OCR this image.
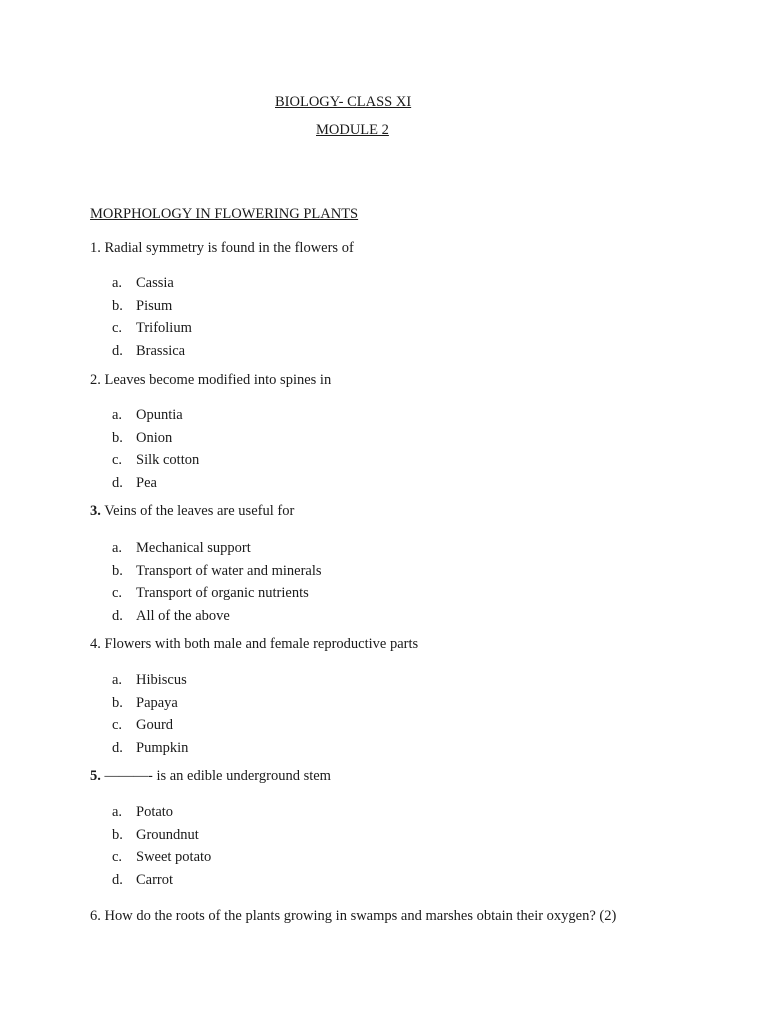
BIOLOGY- CLASS XI
MODULE 2
MORPHOLOGY IN FLOWERING PLANTS
1. Radial symmetry is found in the flowers of
a. Cassia
b. Pisum
c. Trifolium
d. Brassica
2. Leaves become modified into spines in
a. Opuntia
b. Onion
c. Silk cotton
d. Pea
3. Veins of the leaves are useful for
a. Mechanical support
b. Transport of water and minerals
c. Transport of organic nutrients
d. All of the above
4. Flowers with both male and female reproductive parts
a. Hibiscus
b. Papaya
c. Gourd
d. Pumpkin
5. ———- is an edible underground stem
a. Potato
b. Groundnut
c. Sweet potato
d. Carrot
6. How do the roots of the plants growing in swamps and marshes obtain their oxygen? (2)
